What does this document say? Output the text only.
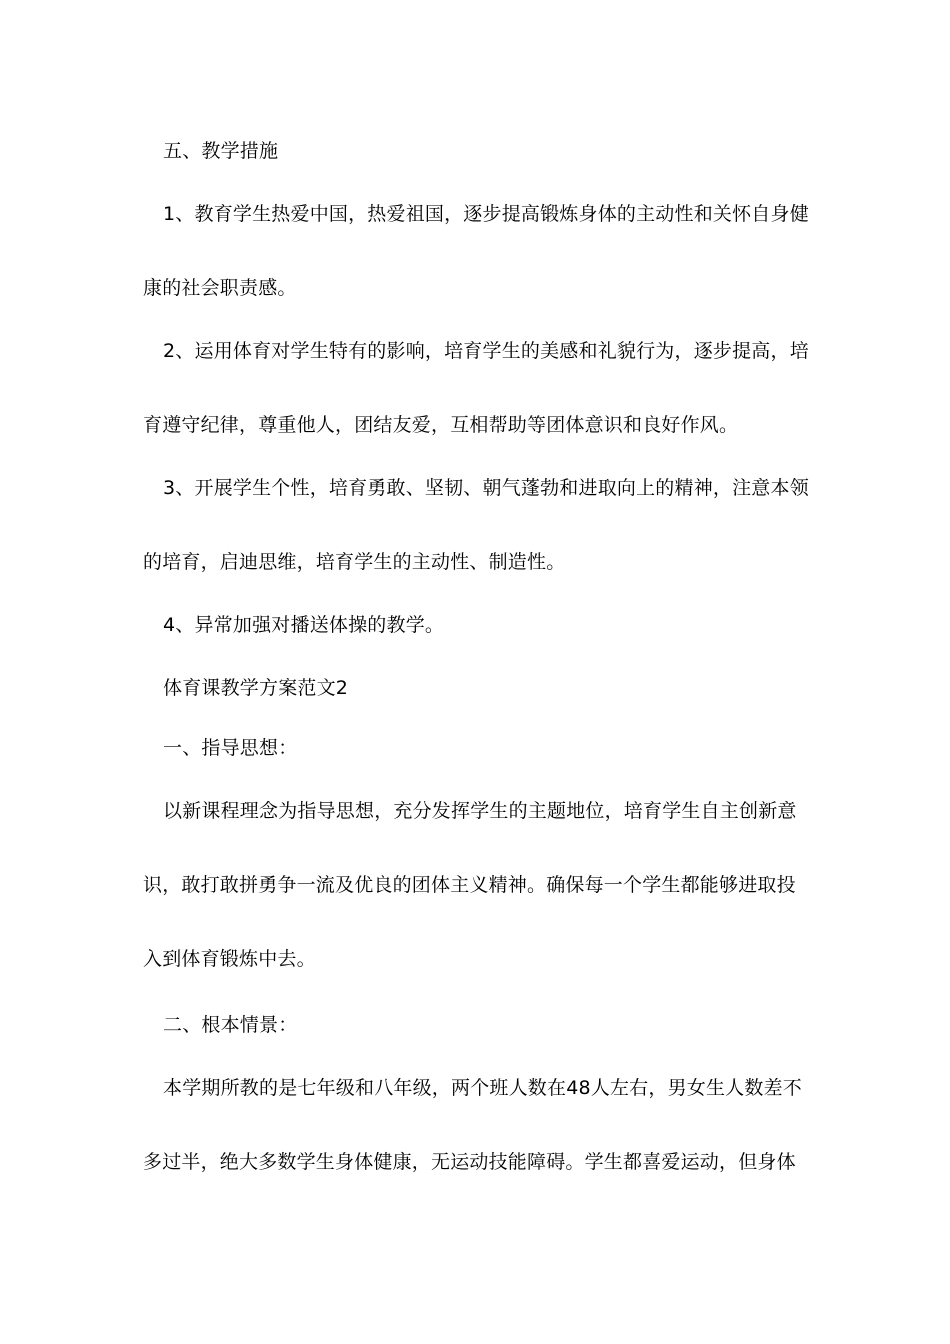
五、教学措施
1、教育学生热爱中国，热爱祖国，逐步提高锻炼身体的主动性和关怀自身健
康的社会职责感。
2、运用体育对学生特有的影响，培育学生的美感和礼貌行为，逐步提高，培
育遵守纪律，尊重他人，团结友爱，互相帮助等团体意识和良好作风。
3、开展学生个性，培育勇敢、坚韧、朝气蓬勃和进取向上的精神，注意本领
的培育，启迪思维，培育学生的主动性、制造性。
4、异常加强对播送体操的教学。
体育课教学方案范文2
一、指导思想：
以新课程理念为指导思想，充分发挥学生的主题地位，培育学生自主创新意
识，敢打敢拼勇争一流及优良的团体主义精神。确保每一个学生都能够进取投
入到体育锻炼中去。
二、根本情景：
本学期所教的是七年级和八年级，两个班人数在48人左右，男女生人数差不
多过半，绝大多数学生身体健康，无运动技能障碍。学生都喜爱运动，但身体
